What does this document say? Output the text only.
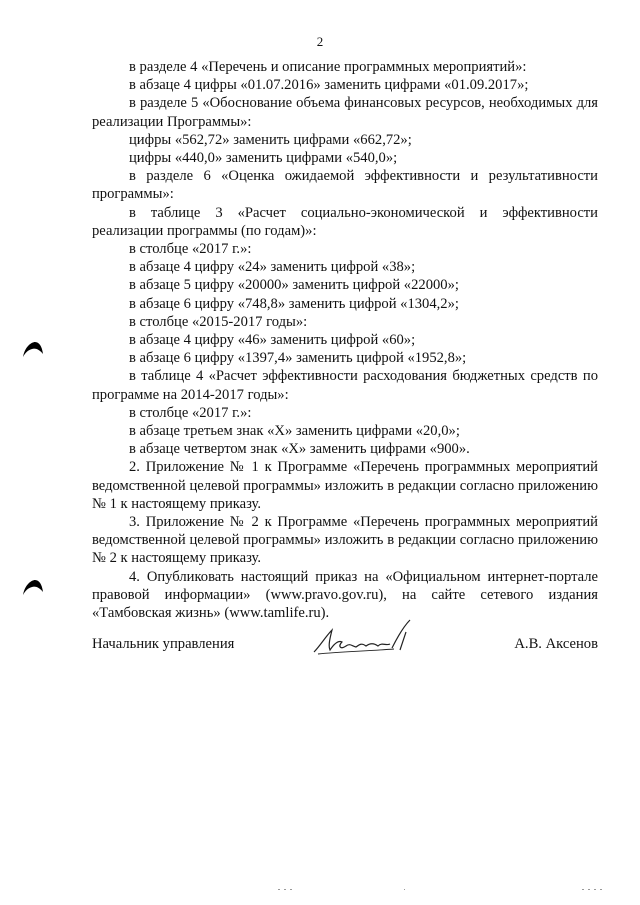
2

в разделе 4 «Перечень и описание программных мероприятий»:

в абзаце 4 цифры «01.07.2016» заменить цифрами «01.09.2017»;

в разделе 5 «Обоснование объема финансовых ресурсов, необходимых для реализации Программы»:

цифры «562,72» заменить цифрами «662,72»;

цифры «440,0» заменить цифрами «540,0»;

в разделе 6 «Оценка ожидаемой эффективности и результативности программы»:

в таблице 3 «Расчет социально-экономической и эффективности реализации программы (по годам)»:

в столбце «2017 г.»:

в абзаце 4 цифру «24» заменить цифрой «38»;

в абзаце 5 цифру «20000» заменить цифрой «22000»;

в абзаце 6 цифру «748,8» заменить цифрой «1304,2»;

в столбце «2015-2017 годы»:

в абзаце 4 цифру «46» заменить цифрой «60»;

в абзаце 6 цифру «1397,4» заменить цифрой «1952,8»;

в таблице 4 «Расчет эффективности расходования бюджетных средств по программе на 2014-2017 годы»:

в столбце «2017 г.»:

в абзаце третьем знак «Х» заменить цифрами «20,0»;

в абзаце четвертом знак «Х» заменить цифрами «900».

2. Приложение № 1 к Программе «Перечень программных мероприятий ведомственной целевой программы» изложить в редакции согласно приложению № 1 к настоящему приказу.

3. Приложение № 2 к Программе «Перечень программных мероприятий ведомственной целевой программы» изложить в редакции согласно приложению № 2 к настоящему приказу.

4. Опубликовать настоящий приказ на «Официальном интернет-портале правовой информации» (www.pravo.gov.ru), на сайте сетевого издания «Тамбовская жизнь» (www.tamlife.ru).

Начальник управления	А.В. Аксенов
